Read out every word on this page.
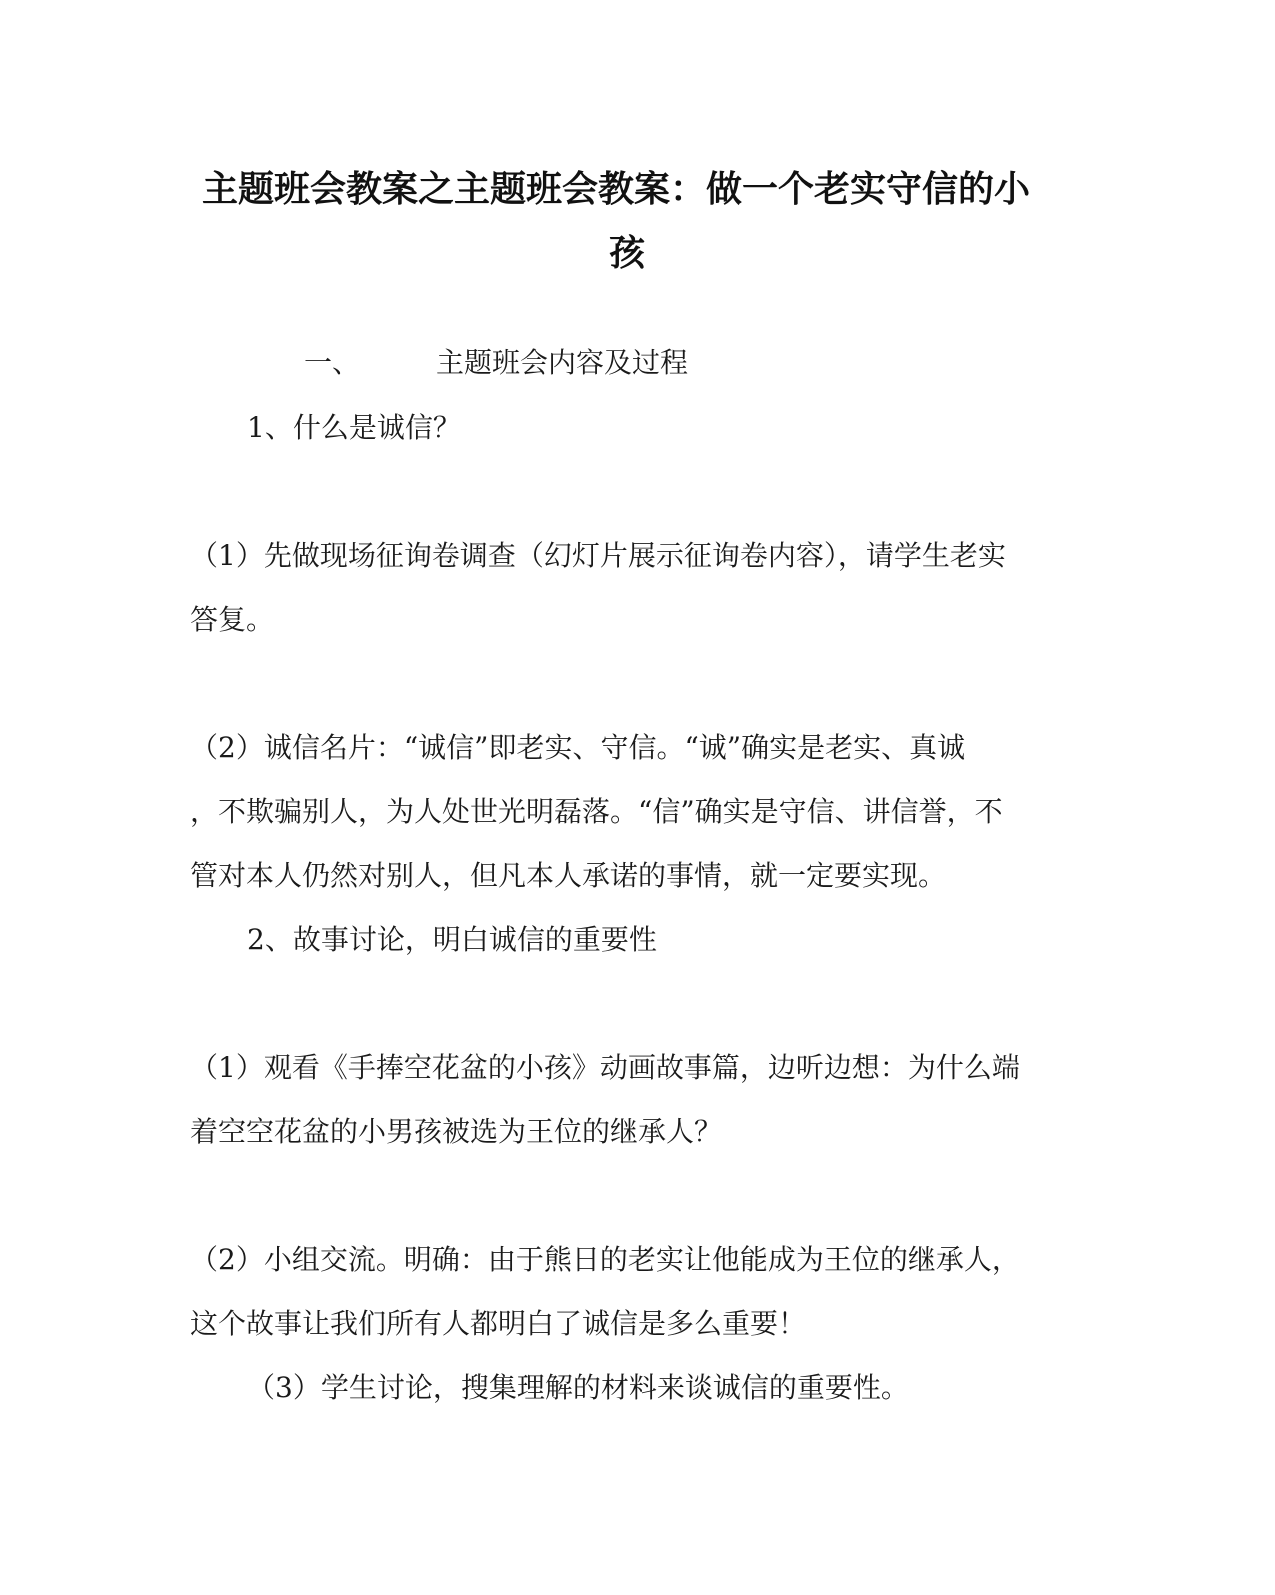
主题班会教案之主题班会教案：做一个老实守信的小
孩
一、	主题班会内容及过程
1、什么是诚信？
（1）先做现场征询卷调查（幻灯片展示征询卷内容），请学生老实
答复。
（2）诚信名片：“诚信”即老实、守信。“诚”确实是老实、真诚
，不欺骗别人，为人处世光明磊落。“信”确实是守信、讲信誉，不
管对本人仍然对别人，但凡本人承诺的事情，就一定要实现。
2、故事讨论，明白诚信的重要性
（1）观看《手捧空花盆的小孩》动画故事篇，边听边想：为什么端
着空空花盆的小男孩被选为王位的继承人？
（2）小组交流。明确：由于熊日的老实让他能成为王位的继承人，
这个故事让我们所有人都明白了诚信是多么重要！
（3）学生讨论，搜集理解的材料来谈诚信的重要性。
